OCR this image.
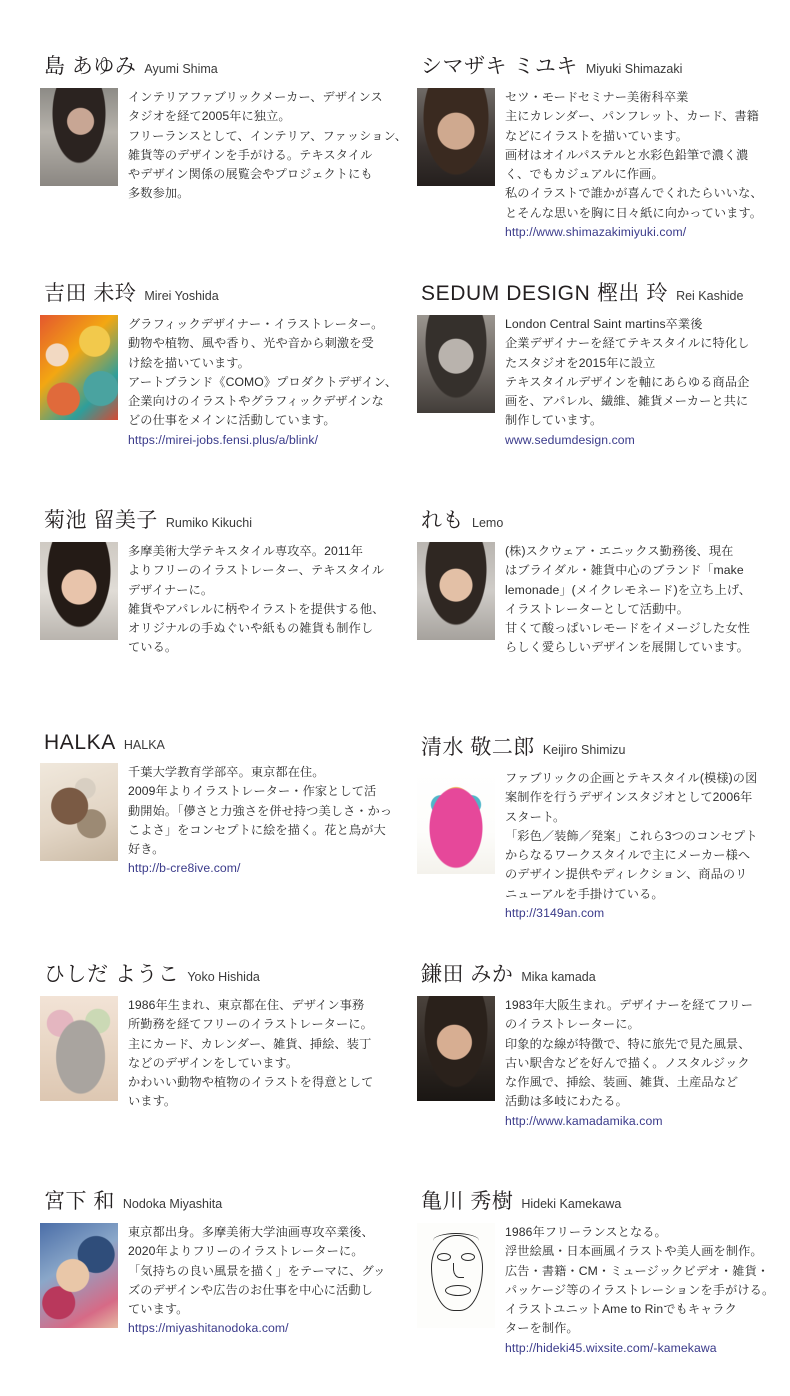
島 あゆみ Ayumi Shima
インテリアファブリックメーカー、デザインス
タジオを経て2005年に独立。
フリーランスとして、インテリア、ファッション、
雑貨等のデザインを手がける。テキスタイル
やデザイン関係の展覧会やプロジェクトにも
多数参加。
シマザキ ミユキ Miyuki Shimazaki
セツ・モードセミナー美術科卒業
主にカレンダー、パンフレット、カード、書籍
などにイラストを描いています。
画材はオイルパステルと水彩色鉛筆で濃く濃
く、でもカジュアルに作画。
私のイラストで誰かが喜んでくれたらいいな、
とそんな思いを胸に日々紙に向かっています。
http://www.shimazakimiyuki.com/
吉田 未玲 Mirei Yoshida
グラフィックデザイナー・イラストレーター。
動物や植物、風や香り、光や音から刺激を受
け絵を描いています。
アートブランド《COMO》プロダクトデザイン、
企業向けのイラストやグラフィックデザインな
どの仕事をメインに活動しています。
https://mirei-jobs.fensi.plus/a/blink/
SEDUM DESIGN 樫出 玲 Rei Kashide
London Central Saint martins卒業後
企業デザイナーを経てテキスタイルに特化し
たスタジオを2015年に設立
テキスタイルデザインを軸にあらゆる商品企
画を、アパレル、繊維、雑貨メーカーと共に
制作しています。
www.sedumdesign.com
菊池 留美子 Rumiko Kikuchi
多摩美術大学テキスタイル専攻卒。2011年
よりフリーのイラストレーター、テキスタイル
デザイナーに。
雑貨やアパレルに柄やイラストを提供する他、
オリジナルの手ぬぐいや紙もの雑貨も制作し
ている。
れも Lemo
(株)スクウェア・エニックス勤務後、現在
はブライダル・雑貨中心のブランド「make
lemonade」(メイクレモネード)を立ち上げ、
イラストレーターとして活動中。
甘くて酸っぱいレモードをイメージした女性
らしく愛らしいデザインを展開しています。
HALKA HALKA
千葉大学教育学部卒。東京都在住。
2009年よりイラストレーター・作家として活
動開始。「儚さと力強さを併せ持つ美しさ・かっ
こよさ」をコンセプトに絵を描く。花と鳥が大
好き。
http://b-cre8ive.com/
清水 敬二郎 Keijiro Shimizu
ファブリックの企画とテキスタイル(模様)の図
案制作を行うデザインスタジオとして2006年
スタート。
「彩色／装飾／発案」これら3つのコンセプト
からなるワークスタイルで主にメーカー様へ
のデザイン提供やディレクション、商品のリ
ニューアルを手掛けている。
http://3149an.com
ひしだ ようこ Yoko Hishida
1986年生まれ、東京都在住、デザイン事務
所勤務を経てフリーのイラストレーターに。
主にカード、カレンダー、雑貨、挿絵、装丁
などのデザインをしています。
かわいい動物や植物のイラストを得意として
います。
鎌田 みか Mika kamada
1983年大阪生まれ。デザイナーを経てフリー
のイラストレーターに。
印象的な線が特徴で、特に旅先で見た風景、
古い駅舎などを好んで描く。ノスタルジック
な作風で、挿絵、装画、雑貨、土産品など
活動は多岐にわたる。
http://www.kamadamika.com
宮下 和 Nodoka Miyashita
東京都出身。多摩美術大学油画専攻卒業後、
2020年よりフリーのイラストレーターに。
「気持ちの良い風景を描く」をテーマに、グッ
ズのデザインや広告のお仕事を中心に活動し
ています。
https://miyashitanodoka.com/
亀川 秀樹 Hideki Kamekawa
1986年フリーランスとなる。
浮世絵風・日本画風イラストや美人画を制作。
広告・書籍・CM・ミュージックビデオ・雑貨・
パッケージ等のイラストレーションを手がける。
イラストユニットAme to Rinでもキャラク
ターを制作。
http://hideki45.wixsite.com/-kamekawa
